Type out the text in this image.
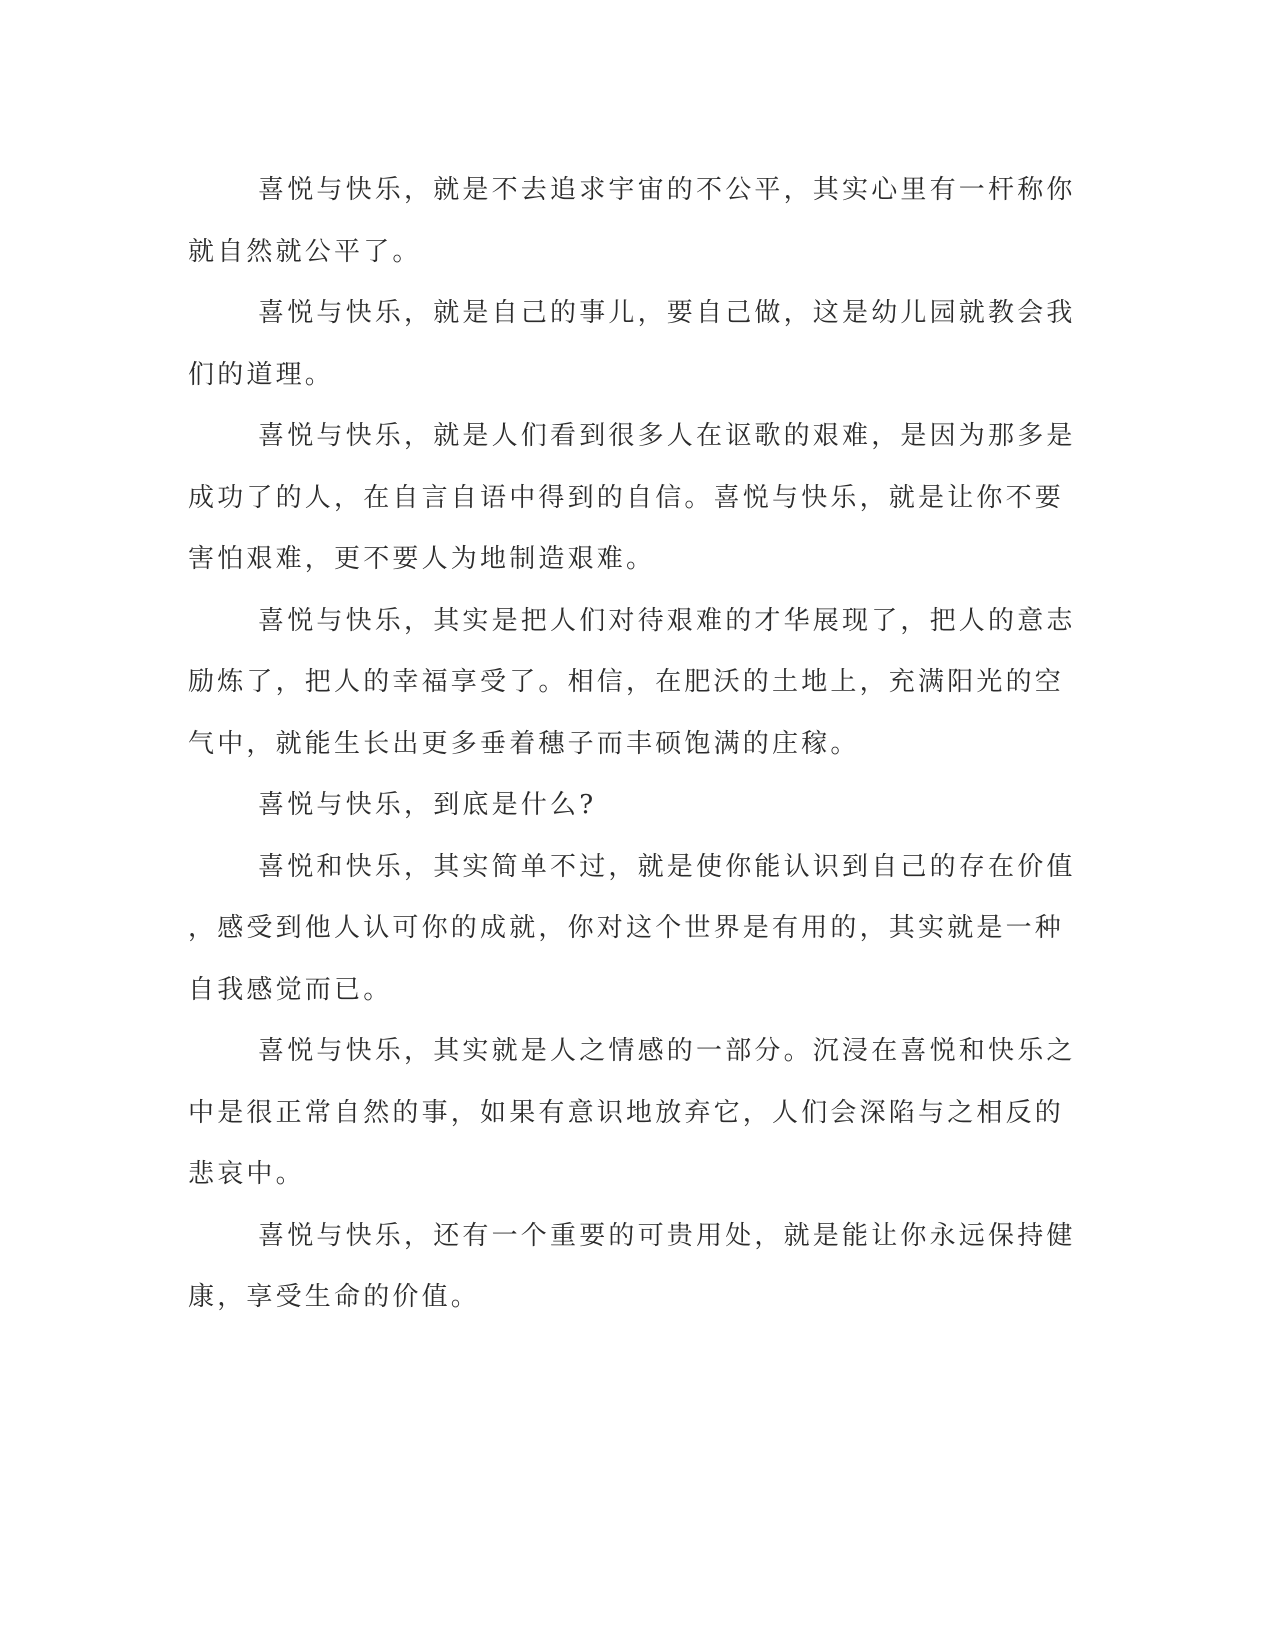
喜悦与快乐，就是不去追求宇宙的不公平，其实心里有一杆称你就自然就公平了。

喜悦与快乐，就是自己的事儿，要自己做，这是幼儿园就教会我们的道理。

喜悦与快乐，就是人们看到很多人在讴歌的艰难，是因为那多是成功了的人，在自言自语中得到的自信。喜悦与快乐，就是让你不要害怕艰难，更不要人为地制造艰难。

喜悦与快乐，其实是把人们对待艰难的才华展现了，把人的意志励炼了，把人的幸福享受了。相信，在肥沃的土地上，充满阳光的空气中，就能生长出更多垂着穗子而丰硕饱满的庄稼。

喜悦与快乐，到底是什么?

喜悦和快乐，其实简单不过，就是使你能认识到自己的存在价值，感受到他人认可你的成就，你对这个世界是有用的，其实就是一种自我感觉而已。

喜悦与快乐，其实就是人之情感的一部分。沉浸在喜悦和快乐之中是很正常自然的事，如果有意识地放弃它，人们会深陷与之相反的悲哀中。

喜悦与快乐，还有一个重要的可贵用处，就是能让你永远保持健康，享受生命的价值。
